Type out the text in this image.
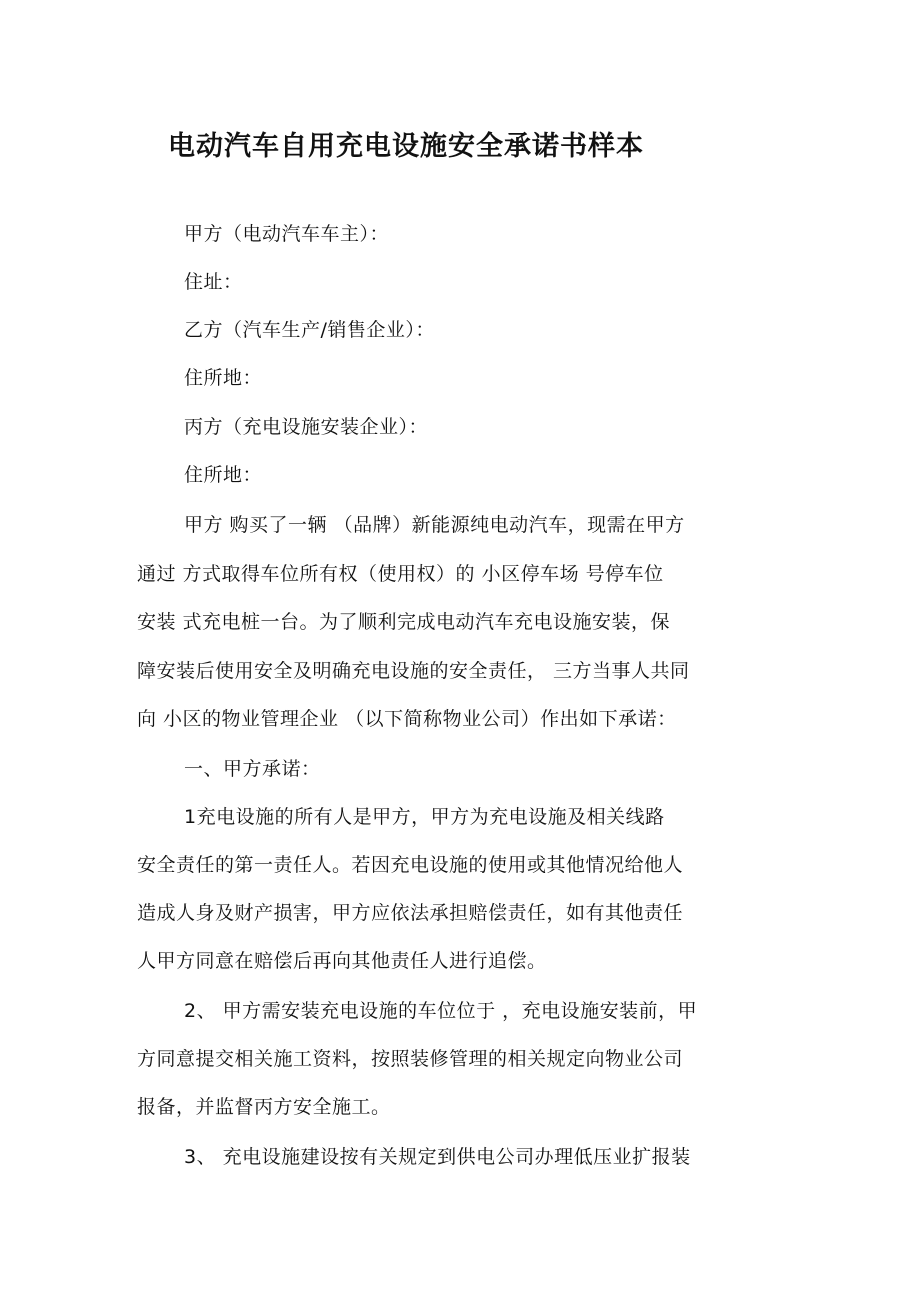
电动汽车自用充电设施安全承诺书样本
甲方（电动汽车车主）：
住址：
乙方（汽车生产/销售企业）：
住所地：
丙方（充电设施安装企业）：
住所地：
甲方 购买了一辆 （品牌）新能源纯电动汽车，现需在甲方
通过 方式取得车位所有权（使用权）的 小区停车场 号停车位
安装 式充电桩一台。为了顺利完成电动汽车充电设施安装，保
障安装后使用安全及明确充电设施的安全责任， 三方当事人共同
向 小区的物业管理企业 （以下简称物业公司）作出如下承诺：
一、甲方承诺：
1充电设施的所有人是甲方，甲方为充电设施及相关线路
安全责任的第一责任人。若因充电设施的使用或其他情况给他人
造成人身及财产损害，甲方应依法承担赔偿责任，如有其他责任
人甲方同意在赔偿后再向其他责任人进行追偿。
2、 甲方需安装充电设施的车位位于 ，充电设施安装前，甲
方同意提交相关施工资料，按照装修管理的相关规定向物业公司
报备，并监督丙方安全施工。
3、 充电设施建设按有关规定到供电公司办理低压业扩报装
